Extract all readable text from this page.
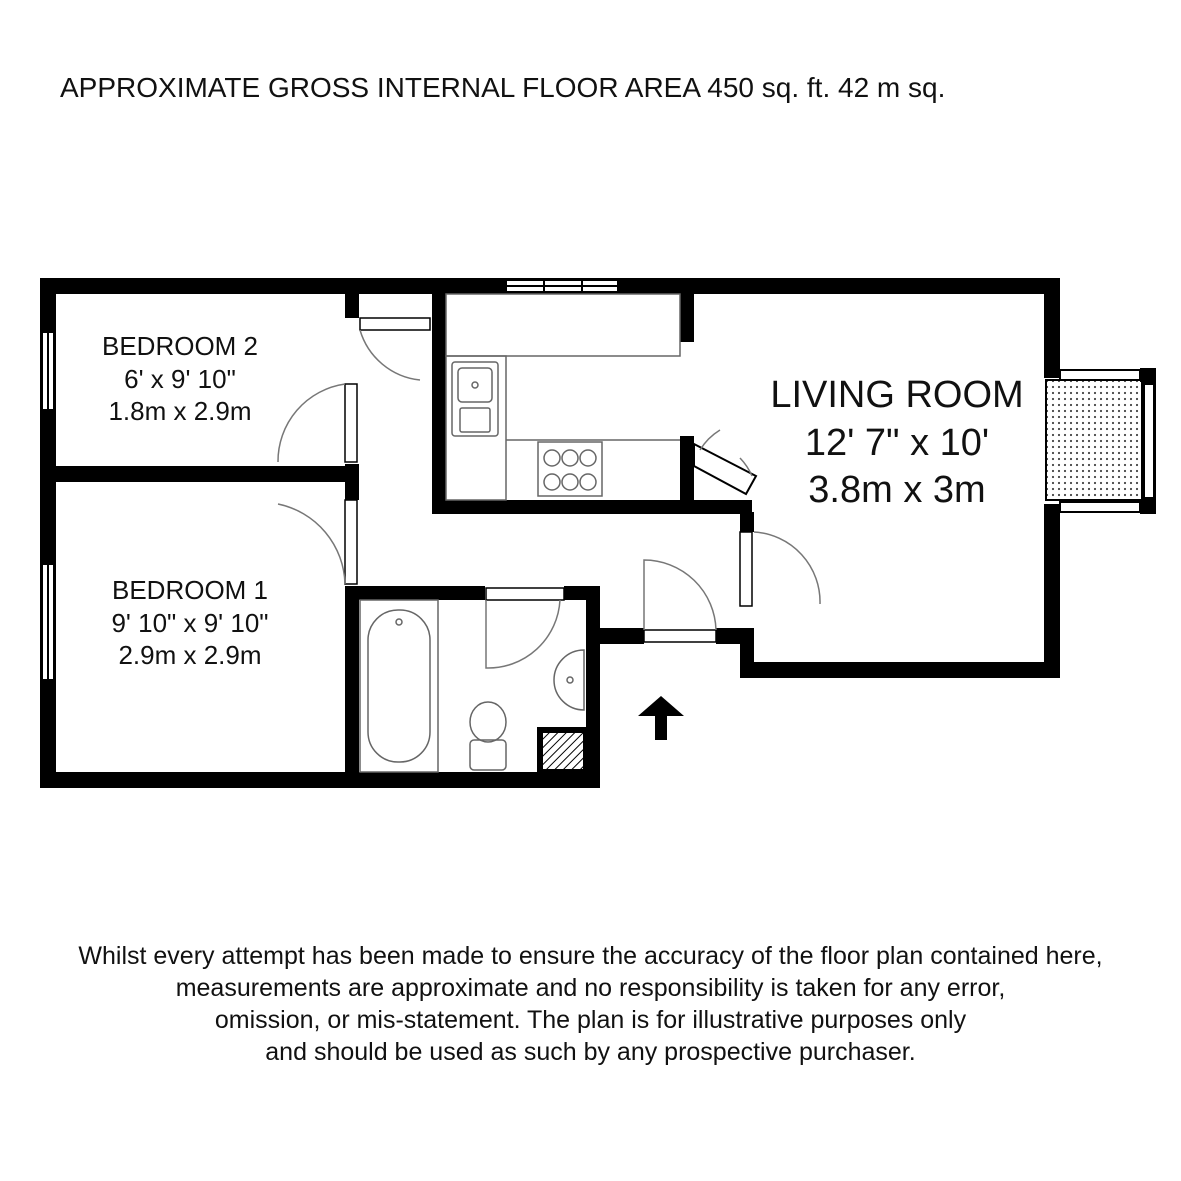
APPROXIMATE GROSS INTERNAL FLOOR AREA 450 sq. ft. 42 m sq.
BEDROOM 2
6' x 9' 10"
1.8m x 2.9m
BEDROOM 1
9' 10" x 9' 10"
2.9m x 2.9m
LIVING ROOM
12' 7" x 10'
3.8m x 3m
Whilst every attempt has been made to ensure the accuracy of the floor plan contained here,
measurements are approximate and no responsibility is taken for any error,
omission, or mis-statement. The plan is for illustrative purposes only
and should be used as such by any prospective purchaser.
